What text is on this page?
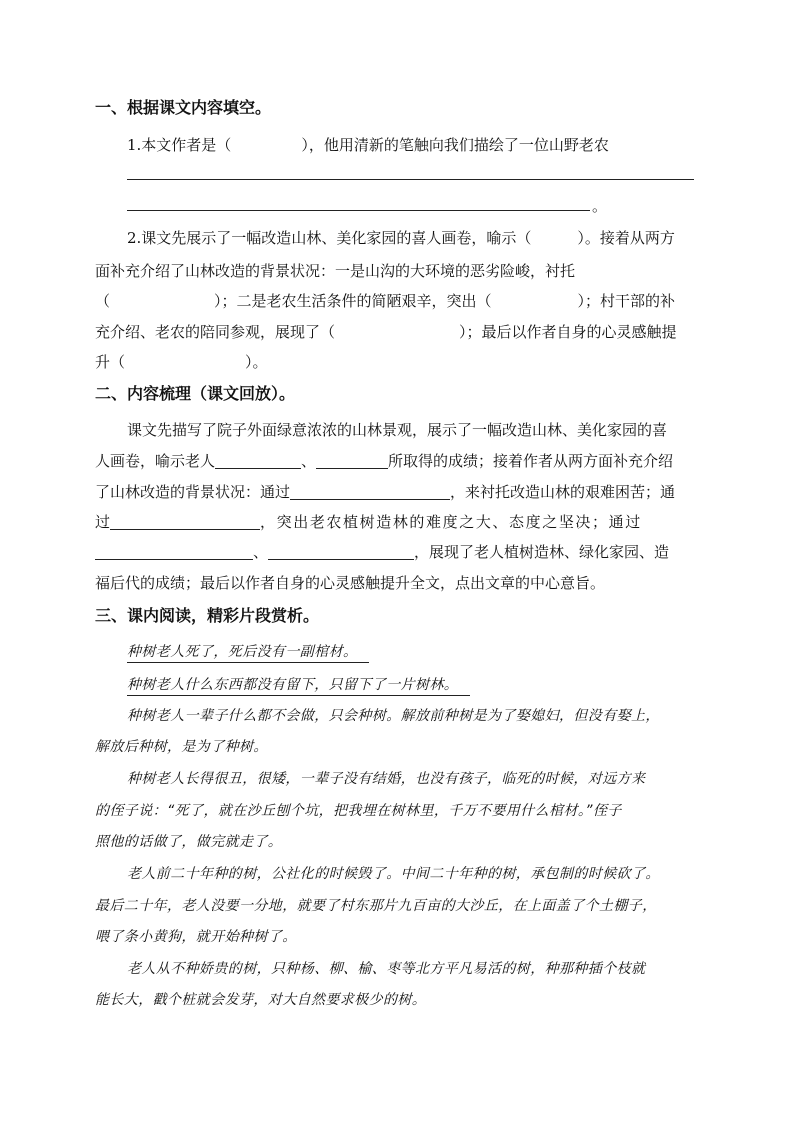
一、根据课文内容填空。
1.本文作者是（	），他用清新的笔触向我们描绘了一位山野老农
。
2.课文先展示了一幅改造山林、美化家园的喜人画卷，喻示（	）。接着从两方
面补充介绍了山林改造的背景状况：一是山沟的大环境的恶劣险峻，衬托
（	）；二是老农生活条件的简陋艰辛，突出（	）；村干部的补
充介绍、老农的陪同参观，展现了（	）；最后以作者自身的心灵感触提
升（	）。
二、内容梳理（课文回放）。
课文先描写了院子外面绿意浓浓的山林景观，展示了一幅改造山林、美化家园的喜
人画卷，喻示老人	、	所取得的成绩；接着作者从两方面补充介绍
了山林改造的背景状况：通过	，来衬托改造山林的艰难困苦；通
过	，突出老农植树造林的难度之大、态度之坚决；通过
、	，展现了老人植树造林、绿化家园、造
福后代的成绩；最后以作者自身的心灵感触提升全文，点出文章的中心意旨。
三、课内阅读，精彩片段赏析。
种树老人死了，死后没有一副棺材。
种树老人什么东西都没有留下，只留下了一片树林。
种树老人一辈子什么都不会做，只会种树。解放前种树是为了娶媳妇，但没有娶上，
解放后种树，是为了种树。
种树老人长得很丑，很矮，一辈子没有结婚，也没有孩子，临死的时候，对远方来
的侄子说：“死了，就在沙丘刨个坑，把我埋在树林里，千万不要用什么棺材。”侄子
照他的话做了，做完就走了。
老人前二十年种的树，公社化的时候毁了。中间二十年种的树，承包制的时候砍了。
最后二十年，老人没要一分地，就要了村东那片九百亩的大沙丘，在上面盖了个土棚子，
喂了条小黄狗，就开始种树了。
老人从不种娇贵的树，只种杨、柳、榆、枣等北方平凡易活的树，种那种插个枝就
能长大，戳个桩就会发芽，对大自然要求极少的树。
